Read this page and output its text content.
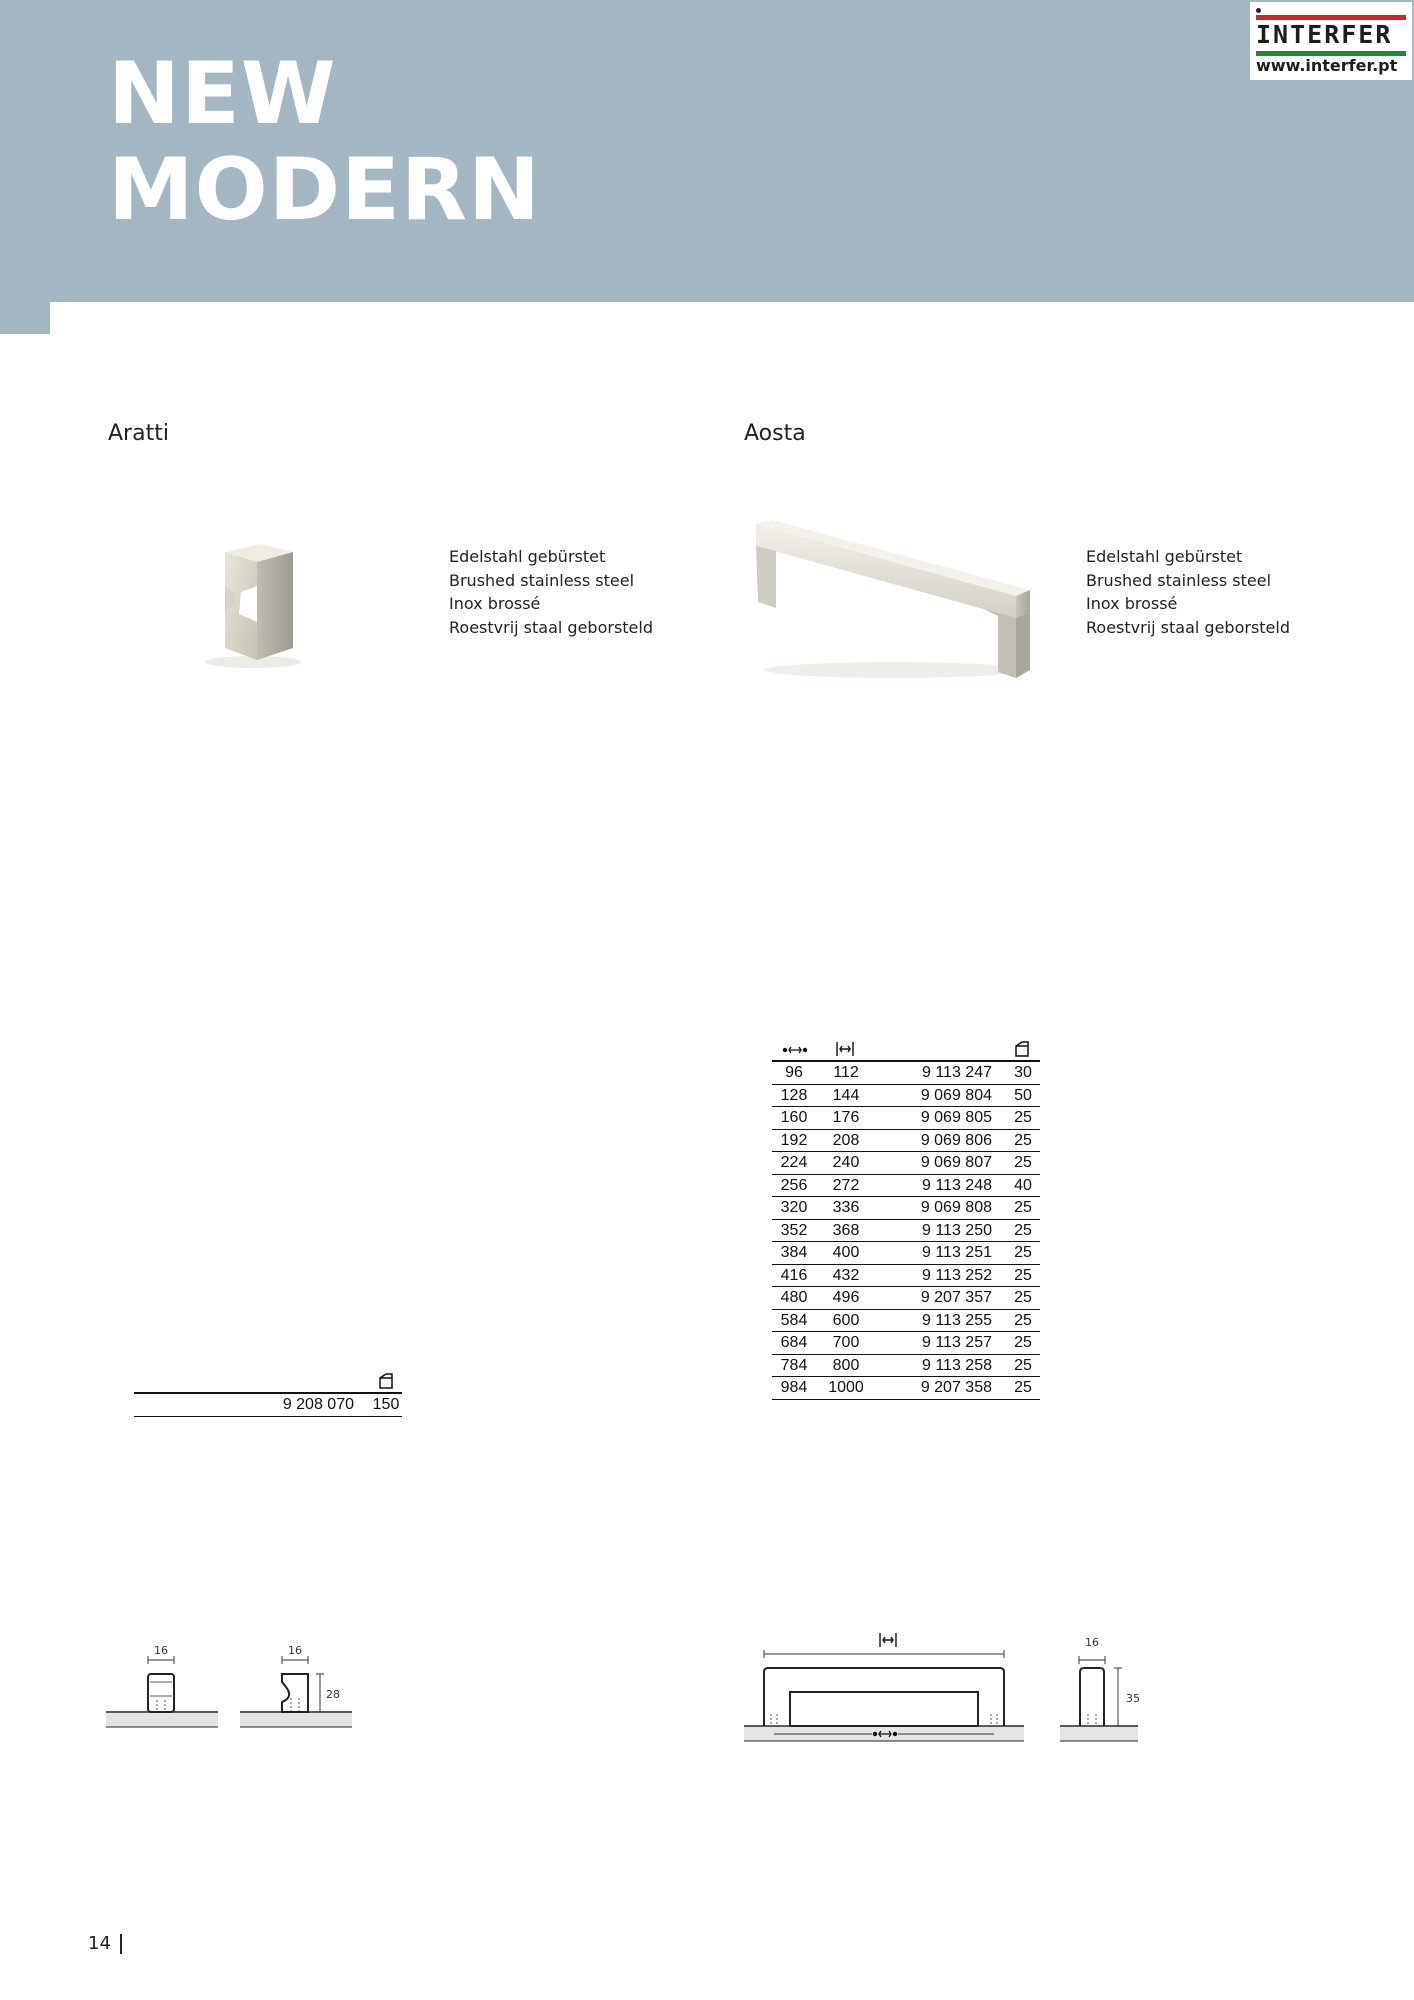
NEW
MODERN
INTERFER
www.interfer.pt
Aratti	Aosta
Edelstahl gebürstet
Brushed stainless steel
Inox brossé
Roestvrij staal geborsteld
Edelstahl gebürstet
Brushed stainless steel
Inox brossé
Roestvrij staal geborsteld
9 208 070 150
96	112	9 113 247	30
128	144	9 069 804	50
160	176	9 069 805	25
192	208	9 069 806	25
224	240	9 069 807	25
256	272	9 113 248	40
320	336	9 069 808	25
352	368	9 113 250	25
384	400	9 113 251	25
416	432	9 113 252	25
480	496	9 207 357	25
584	600	9 113 255	25
684	700	9 113 257	25
784	800	9 113 258	25
984	1000	9 207 358	25
16	16
28
16
35
14
